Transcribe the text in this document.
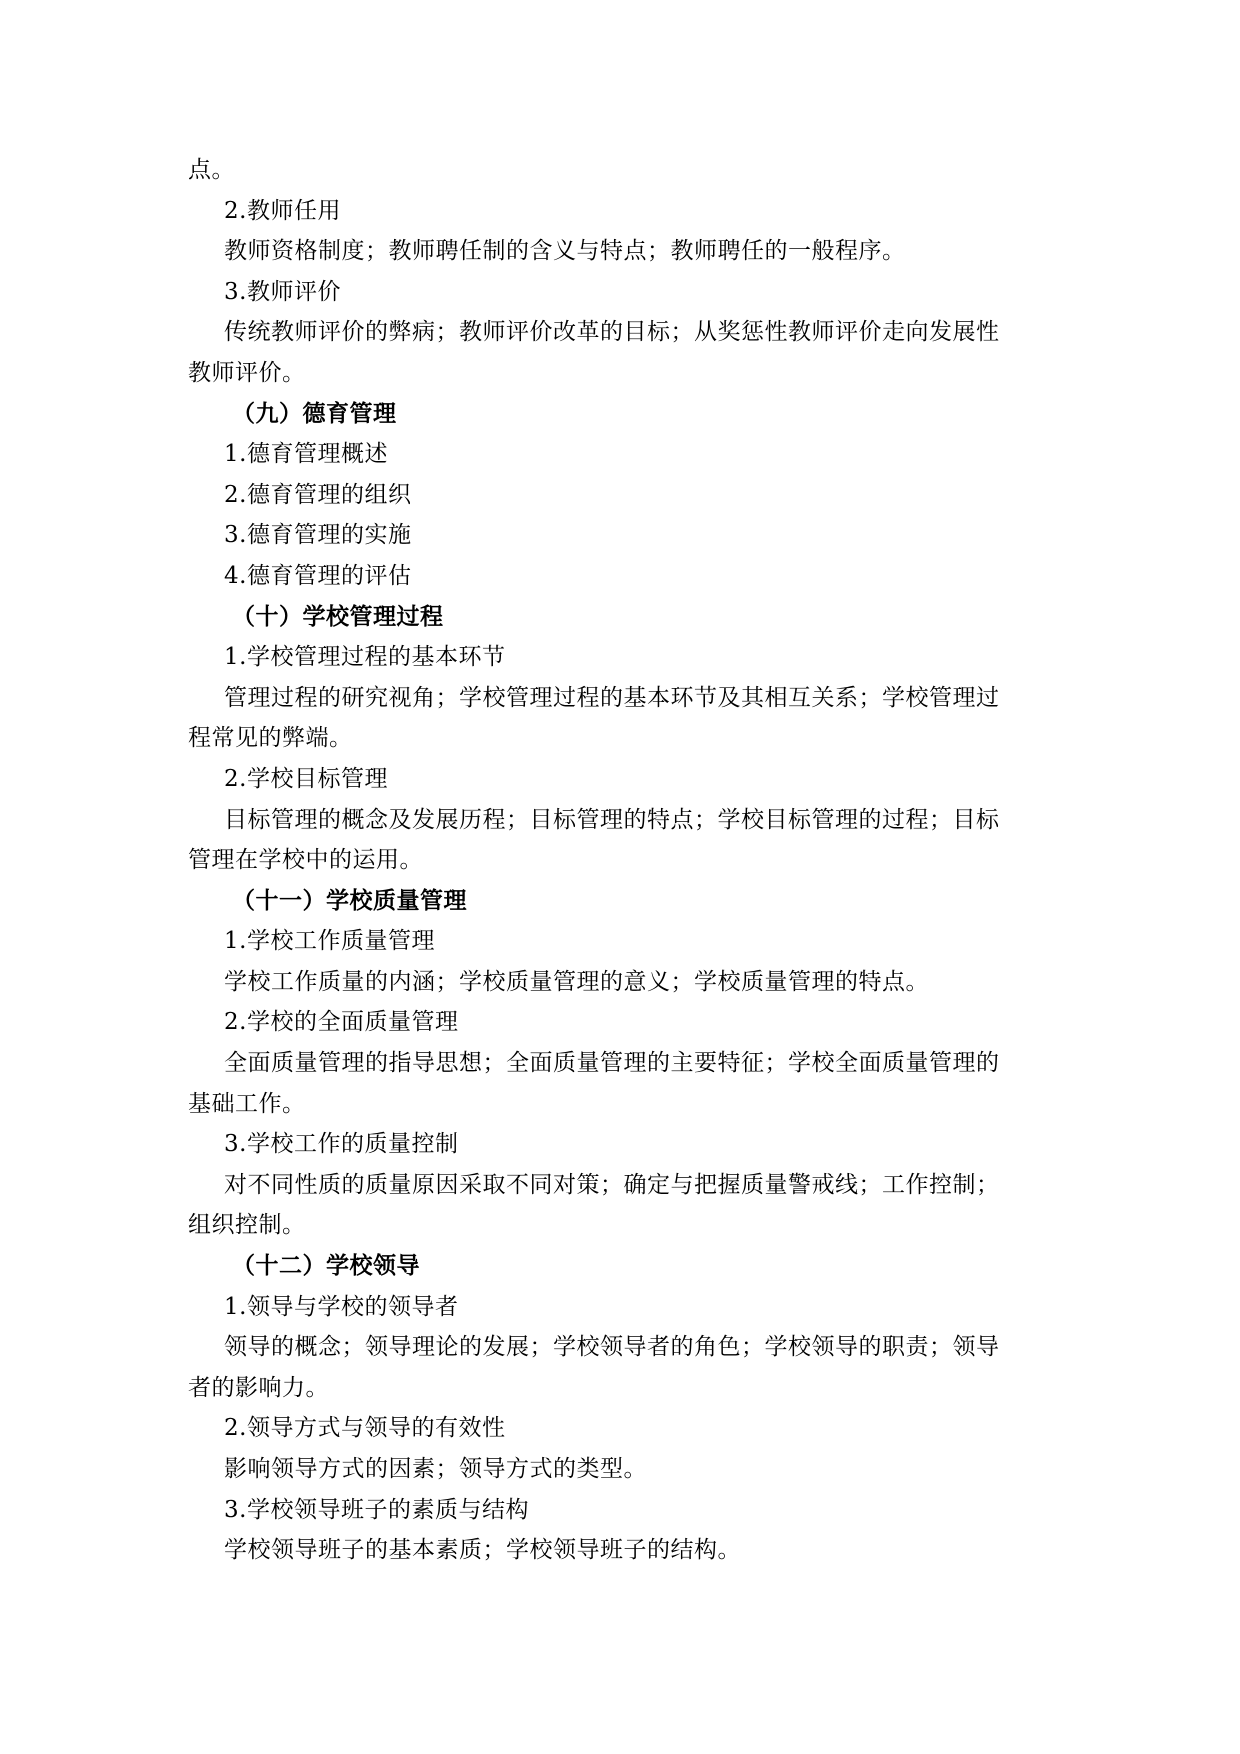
点。
2.教师任用
教师资格制度；教师聘任制的含义与特点；教师聘任的一般程序。
3.教师评价
传统教师评价的弊病；教师评价改革的目标；从奖惩性教师评价走向发展性
教师评价。
（九）德育管理
1.德育管理概述
2.德育管理的组织
3.德育管理的实施
4.德育管理的评估
（十）学校管理过程
1.学校管理过程的基本环节
管理过程的研究视角；学校管理过程的基本环节及其相互关系；学校管理过
程常见的弊端。
2.学校目标管理
目标管理的概念及发展历程；目标管理的特点；学校目标管理的过程；目标
管理在学校中的运用。
（十一）学校质量管理
1.学校工作质量管理
学校工作质量的内涵；学校质量管理的意义；学校质量管理的特点。
2.学校的全面质量管理
全面质量管理的指导思想；全面质量管理的主要特征；学校全面质量管理的
基础工作。
3.学校工作的质量控制
对不同性质的质量原因采取不同对策；确定与把握质量警戒线；工作控制；
组织控制。
（十二）学校领导
1.领导与学校的领导者
领导的概念；领导理论的发展；学校领导者的角色；学校领导的职责；领导
者的影响力。
2.领导方式与领导的有效性
影响领导方式的因素；领导方式的类型。
3.学校领导班子的素质与结构
学校领导班子的基本素质；学校领导班子的结构。
